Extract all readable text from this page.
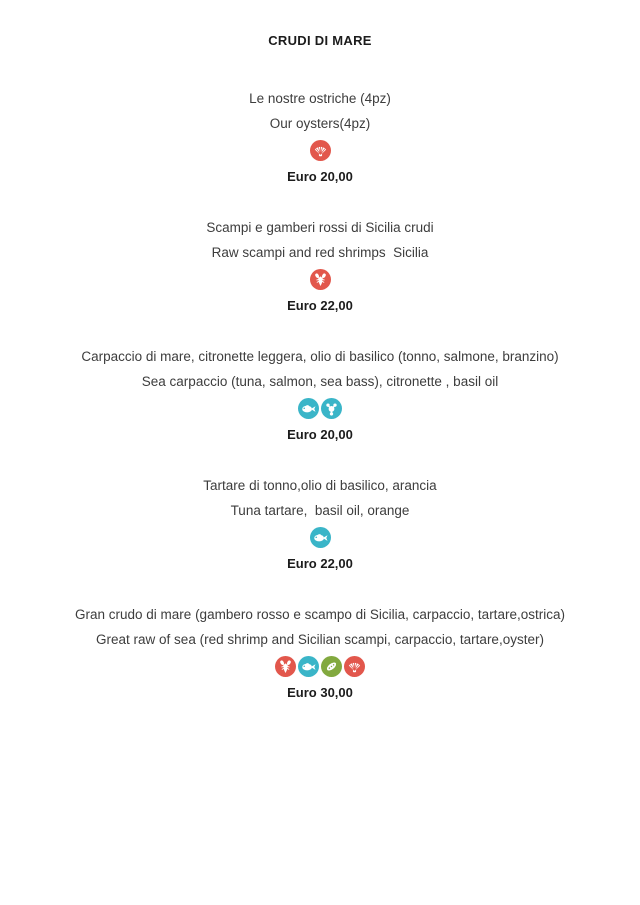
CRUDI DI MARE
Le nostre ostriche (4pz)
Our oysters(4pz)
Euro 20,00
Scampi e gamberi rossi di Sicilia crudi
Raw scampi and red shrimps  Sicilia
Euro 22,00
Carpaccio di mare, citronette leggera, olio di basilico (tonno, salmone, branzino)
Sea carpaccio (tuna, salmon, sea bass), citronette , basil oil
Euro 20,00
Tartare di tonno,olio di basilico, arancia
Tuna tartare,  basil oil, orange
Euro 22,00
Gran crudo di mare (gambero rosso e scampo di Sicilia, carpaccio, tartare,ostrica)
Great raw of sea (red shrimp and Sicilian scampi, carpaccio, tartare,oyster)
Euro 30,00
